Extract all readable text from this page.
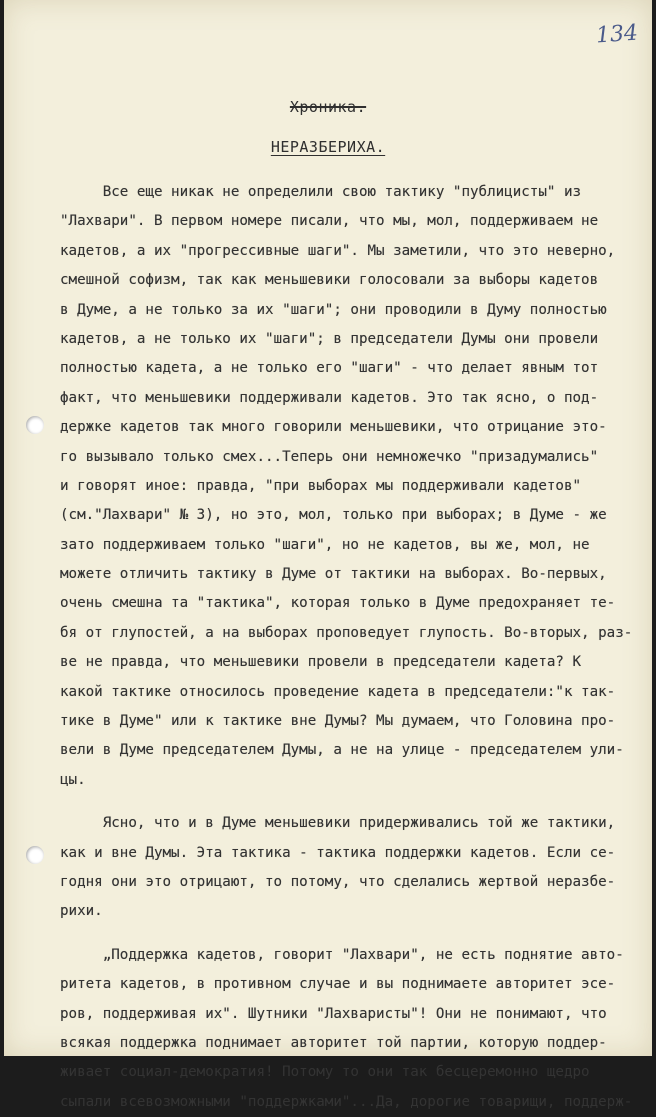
134
Хроника.
НЕРАЗБЕРИХА.
Все еще никак не определили свою тактику "публицисты" из
"Лахвари". В первом номере писали, что мы, мол, поддерживаем не
кадетов, а их "прогрессивные шаги". Мы заметили, что это неверно,
смешной софизм, так как меньшевики голосовали за выборы кадетов
в Думе, а не только за их "шаги"; они проводили в Думу полностью
кадетов, а не только их "шаги"; в председатели Думы они провели
полностью кадета, а не только его "шаги" - что делает явным тот
факт, что меньшевики поддерживали кадетов. Это так ясно, о под-
держке кадетов так много говорили меньшевики, что отрицание это-
го вызывало только смех...Теперь они немножечко "призадумались"
и говорят иное: правда, "при выборах мы поддерживали кадетов"
(см."Лахвари" № 3), но это, мол, только при выборах; в Думе - же
зато поддерживаем только "шаги", но не кадетов, вы же, мол, не
можете отличить тактику в Думе от тактики на выборах. Во-первых,
очень смешна та "тактика", которая только в Думе предохраняет те-
бя от глупостей, а на выборах проповедует глупость. Во-вторых, раз-
ве не правда, что меньшевики провели в председатели кадета? К
какой тактике относилось проведение кадета в председатели:"к так-
тике в Думе" или к тактике вне Думы? Мы думаем, что Головина про-
вели в Думе председателем Думы, а не на улице - председателем ули-
цы.
Ясно, что и в Думе меньшевики придерживались той же тактики,
как и вне Думы. Эта тактика - тактика поддержки кадетов. Если се-
годня они это отрицают, то потому, что сделались жертвой неразбе-
рихи.
„Поддержка кадетов, говорит "Лахвари", не есть поднятие авто-
ритета кадетов, в противном случае и вы поднимаете авторитет эсе-
ров, поддерживая их". Шутники "Лахваристы"! Они не понимают, что
всякая поддержка поднимает авторитет той партии, которую поддер-
живает социал-демократия! Потому то они так бесцеремонно щедро
сыпали всевозможными "поддержками"...Да, дорогие товарищи, поддерж-
